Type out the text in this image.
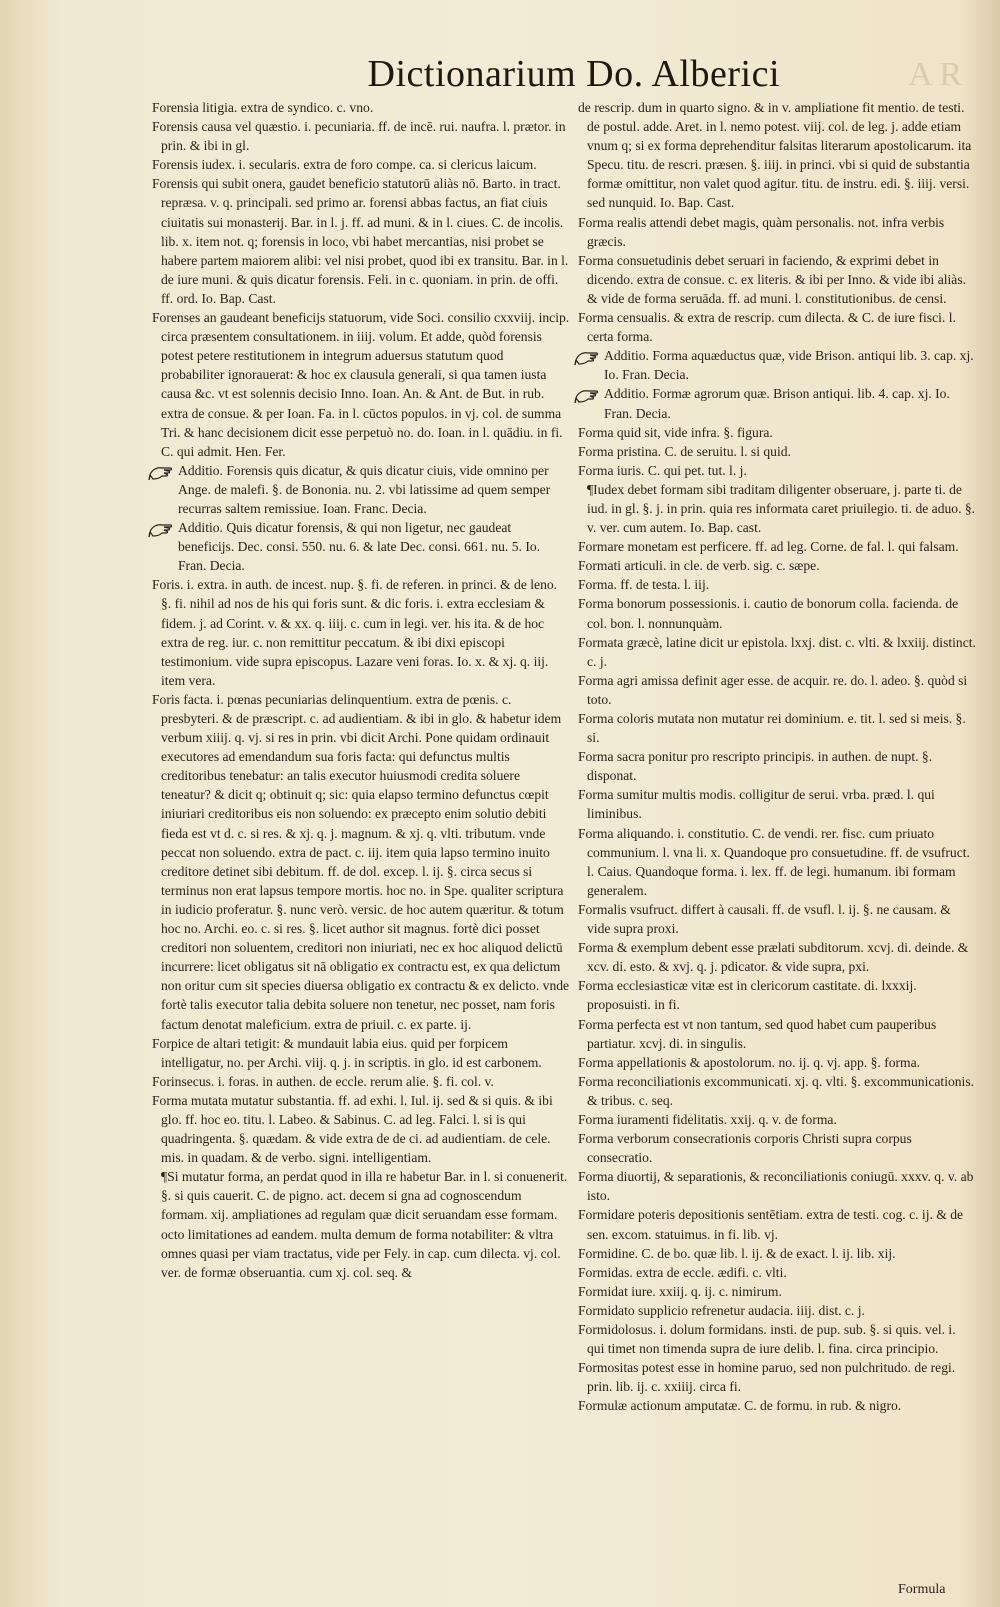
Dictionarium Do. Alberici	A R

Forensia litigia. extra de syndico. c. vno.

Forensis causa vel quæstio. i. pecuniaria. ff. de incē. rui. naufra. l. prætor. in prin. & ibi in gl.

Forensis iudex. i. secularis. extra de foro compe. ca. si clericus laicum.

Forensis qui subit onera, gaudet beneficio statutorū aliàs nō. Barto. in tract. repræsa. v. q. principali. sed primo ar. forensi abbas factus, an fiat ciuis ciuitatis sui monasterij. Bar. in l. j. ff. ad muni. & in l. ciues. C. de incolis. lib. x. item not. q; forensis in loco, vbi habet mercantias, nisi probet se habere partem maiorem alibi: vel nisi probet, quod ibi ex transitu. Bar. in l. de iure muni. & quis dicatur forensis. Feli. in c. quoniam. in prin. de offi. ff. ord. Io. Bap. Cast.

Forenses an gaudeant beneficijs statuorum, vide Soci. consilio cxxviij. incip. circa præsentem consultationem. in iiij. volum. Et adde, quòd forensis potest petere restitutionem in integrum aduersus statutum quod probabiliter ignorauerat: & hoc ex clausula generali, si qua tamen iusta causa &c. vt est solennis decisio Inno. Ioan. An. & Ant. de But. in rub. extra de consue. & per Ioan. Fa. in l. cūctos populos. in vj. col. de summa Tri. & hanc decisionem dicit esse perpetuò no. do. Ioan. in l. quādiu. in fi. C. qui admit. Hen. Fer.

Additio. Forensis quis dicatur, & quis dicatur ciuis, vide omnino per Ange. de malefi. §. de Bononia. nu. 2. vbi latissime ad quem semper recurras saltem remissiue. Ioan. Franc. Decia.

Additio. Quis dicatur forensis, & qui non ligetur, nec gaudeat beneficijs. Dec. consi. 550. nu. 6. & late Dec. consi. 661. nu. 5. Io. Fran. Decia.

Foris. i. extra. in auth. de incest. nup. §. fi. de referen. in princi. & de leno. §. fi. nihil ad nos de his qui foris sunt. & dic foris. i. extra ecclesiam & fidem. j. ad Corint. v. & xx. q. iiij. c. cum in legi. ver. his ita. & de hoc extra de reg. iur. c. non remittitur peccatum. & ibi dixi episcopi testimonium. vide supra episcopus. Lazare veni foras. Io. x. & xj. q. iij. item vera.

Foris facta. i. pœnas pecuniarias delinquentium. extra de pœnis. c. presbyteri. & de præscript. c. ad audientiam. & ibi in glo. & habetur idem verbum xiiij. q. vj. si res in prin. vbi dicit Archi. Pone quidam ordinauit executores ad emendandum sua foris facta: qui defunctus multis creditoribus tenebatur: an talis executor huiusmodi credita soluere teneatur? & dicit q; obtinuit q; sic: quia elapso termino defunctus cœpit iniuriari creditoribus eis non soluendo: ex præcepto enim solutio debiti fieda est vt d. c. si res. & xj. q. j. magnum. & xj. q. vlti. tributum. vnde peccat non soluendo. extra de pact. c. iij. item quia lapso termino inuito creditore detinet sibi debitum. ff. de dol. excep. l. ij. §. circa secus si terminus non erat lapsus tempore mortis. hoc no. in Spe. qualiter scriptura in iudicio proferatur. §. nunc verò. versic. de hoc autem quæritur. & totum hoc no. Archi. eo. c. si res. §. licet author sit magnus. fortè dici posset creditori non soluentem, creditori non iniuriati, nec ex hoc aliquod delictū incurrere: licet obligatus sit nā obligatio ex contractu est, ex qua delictum non oritur cum sit species diuersa obligatio ex contractu & ex delicto. vnde fortè talis executor talia debita soluere non tenetur, nec posset, nam foris factum denotat maleficium. extra de priuil. c. ex parte. ij.

Forpice de altari tetigit: & mundauit labia eius. quid per forpicem intelligatur, no. per Archi. viij. q. j. in scriptis. in glo. id est carbonem.

Forinsecus. i. foras. in authen. de eccle. rerum alie. §. fi. col. v.

Forma mutata mutatur substantia. ff. ad exhi. l. Iul. ij. sed & si quis. & ibi glo. ff. hoc eo. titu. l. Labeo. & Sabinus. C. ad leg. Falci. l. si is qui quadringenta. §. quædam. & vide extra de de ci. ad audientiam. de cele. mis. in quadam. & de verbo. signi. intelligentiam.

¶Si mutatur forma, an perdat quod in illa re habetur Bar. in l. si conuenerit. §. si quis cauerit. C. de pigno. act. decem si gna ad cognoscendum formam. xij. ampliationes ad regulam quæ dicit seruandam esse formam. octo limitationes ad eandem. multa demum de forma notabiliter: & vltra omnes quasi per viam tractatus, vide per Fely. in cap. cum dilecta. vj. col. ver. de formæ obseruantia. cum xj. col. seq. &

de rescrip. dum in quarto signo. & in v. ampliatione fit mentio. de testi. de postul. adde. Aret. in l. nemo potest. viij. col. de leg. j. adde etiam vnum q; si ex forma deprehenditur falsitas literarum apostolicarum. ita Specu. titu. de rescri. præsen. §. iiij. in princi. vbi si quid de substantia formæ omittitur, non valet quod agitur. titu. de instru. edi. §. iiij. versi. sed nunquid. Io. Bap. Cast.

Forma realis attendi debet magis, quàm personalis. not. infra verbis græcis.

Forma consuetudinis debet seruari in faciendo, & exprimi debet in dicendo. extra de consue. c. ex literis. & ibi per Inno. & vide ibi aliàs. & vide de forma seruāda. ff. ad muni. l. constitutionibus. de censi.

Forma censualis. & extra de rescrip. cum dilecta. & C. de iure fisci. l. certa forma.

Additio. Forma aquæductus quæ, vide Brison. antiqui lib. 3. cap. xj. Io. Fran. Decia.

Additio. Formæ agrorum quæ. Brison antiqui. lib. 4. cap. xj. Io. Fran. Decia.

Forma quid sit, vide infra. §. figura.

Forma pristina. C. de seruitu. l. si quid.

Forma iuris. C. qui pet. tut. l. j.

¶Iudex debet formam sibi traditam diligenter obseruare, j. parte ti. de iud. in gl. §. j. in prin. quia res informata caret priuilegio. ti. de aduo. §. v. ver. cum autem. Io. Bap. cast.

Formare monetam est perficere. ff. ad leg. Corne. de fal. l. qui falsam.

Formati articuli. in cle. de verb. sig. c. sæpe.

Forma. ff. de testa. l. iij.

Forma bonorum possessionis. i. cautio de bonorum colla. facienda. de col. bon. l. nonnunquàm.

Formata græcè, latine dicit ur epistola. lxxj. dist. c. vlti. & lxxiij. distinct. c. j.

Forma agri amissa definit ager esse. de acquir. re. do. l. adeo. §. quòd si toto.

Forma coloris mutata non mutatur rei dominium. e. tit. l. sed si meis. §. si.

Forma sacra ponitur pro rescripto principis. in authen. de nupt. §. disponat.

Forma sumitur multis modis. colligitur de serui. vrba. præd. l. qui liminibus.

Forma aliquando. i. constitutio. C. de vendi. rer. fisc. cum priuato communium. l. vna li. x. Quandoque pro consuetudine. ff. de vsufruct. l. Caius. Quandoque forma. i. lex. ff. de legi. humanum. ibi formam generalem.

Formalis vsufruct. differt à causali. ff. de vsufl. l. ij. §. ne causam. & vide supra proxi.

Forma & exemplum debent esse prælati subditorum. xcvj. di. deinde. & xcv. di. esto. & xvj. q. j. pdicator. & vide supra, pxi.

Forma ecclesiasticæ vitæ est in clericorum castitate. di. lxxxij. proposuisti. in fi.

Forma perfecta est vt non tantum, sed quod habet cum pauperibus partiatur. xcvj. di. in singulis.

Forma appellationis & apostolorum. no. ij. q. vj. app. §. forma.

Forma reconciliationis excommunicati. xj. q. vlti. §. excommunicationis. & tribus. c. seq.

Forma iuramenti fidelitatis. xxij. q. v. de forma.

Forma verborum consecrationis corporis Christi supra corpus consecratio.

Forma diuortij, & separationis, & reconciliationis coniugū. xxxv. q. v. ab isto.

Formidare poteris depositionis sentētiam. extra de testi. cog. c. ij. & de sen. excom. statuimus. in fi. lib. vj.

Formidine. C. de bo. quæ lib. l. ij. & de exact. l. ij. lib. xij.

Formidas. extra de eccle. ædifi. c. vlti.

Formidat iure. xxiij. q. ij. c. nimirum.

Formidato supplicio refrenetur audacia. iiij. dist. c. j.

Formidolosus. i. dolum formidans. insti. de pup. sub. §. si quis. vel. i. qui timet non timenda supra de iure delib. l. fina. circa principio.

Formositas potest esse in homine paruo, sed non pulchritudo. de regi. prin. lib. ij. c. xxiiij. circa fi.

Formulæ actionum amputatæ. C. de formu. in rub. & nigro.

Formula
